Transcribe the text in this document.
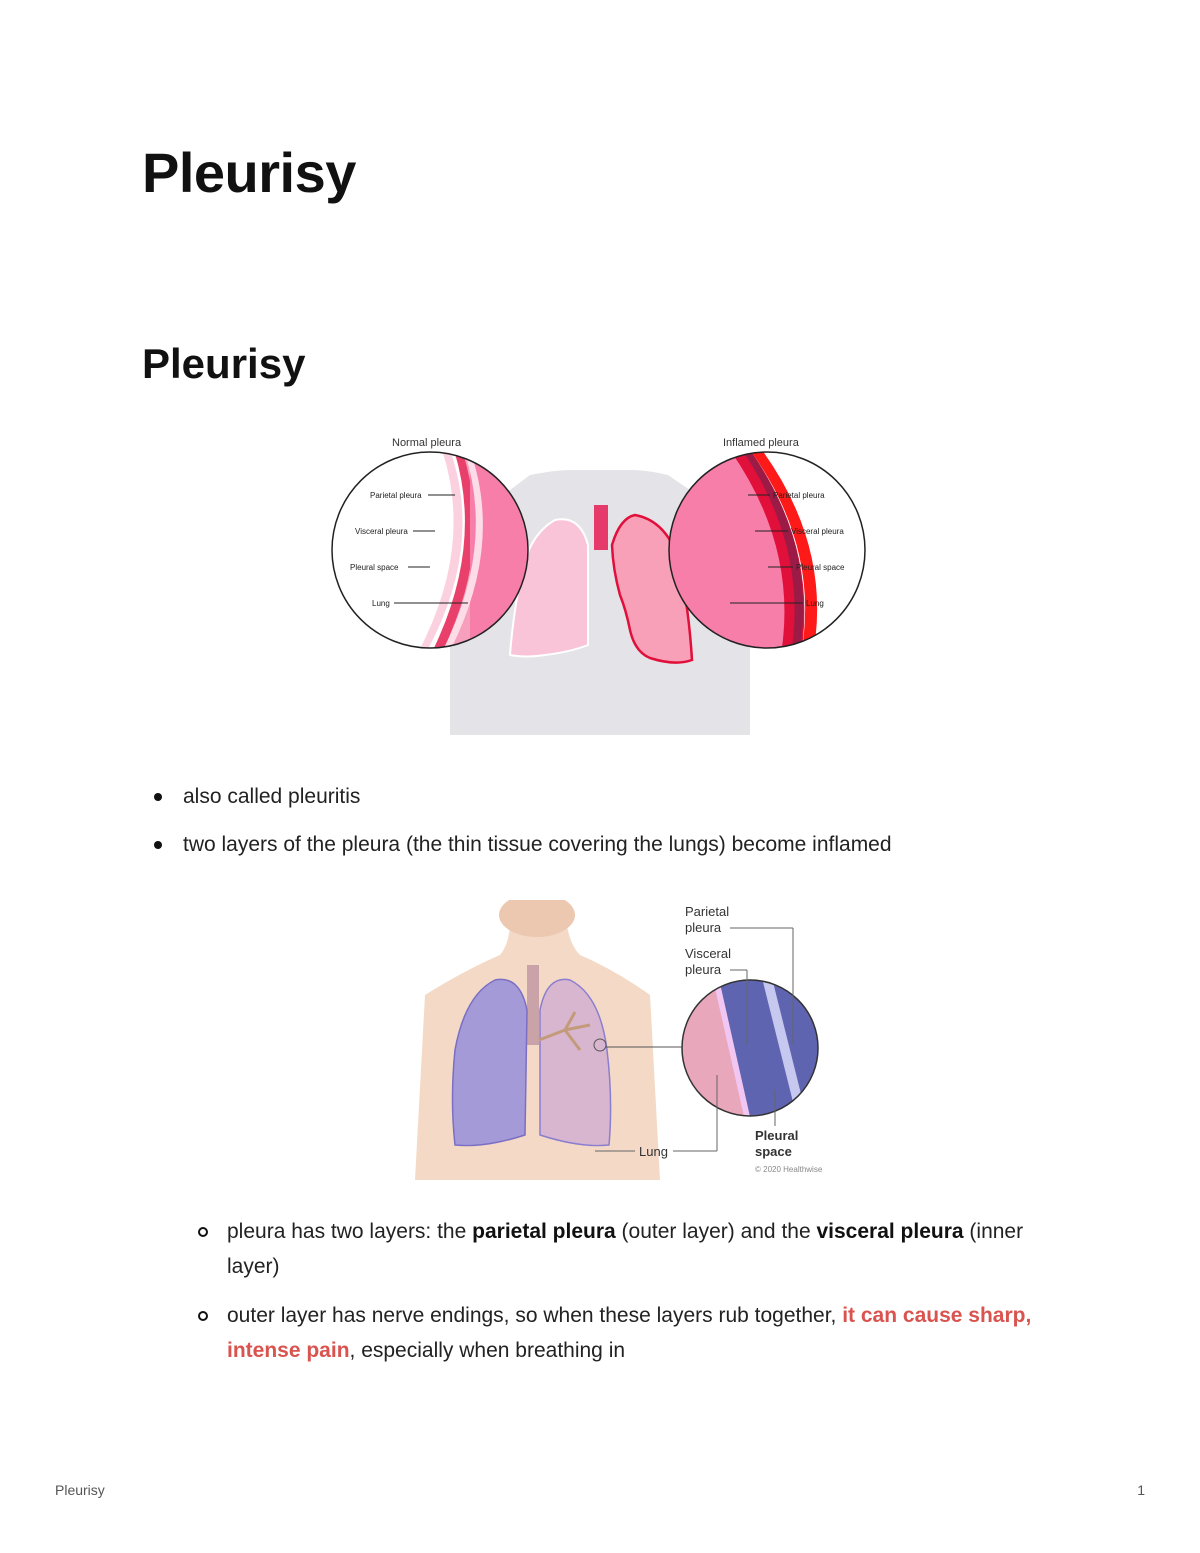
Pleurisy
Pleurisy
Normal pleura	Inflamed pleura
Parietal pleura
Visceral pleura
Pleural space
Lung
Parietal pleura
Visceral pleura
Pleural space
Lung
also called pleuritis
two layers of the pleura (the thin tissue covering the lungs) become inflamed
Parietal
pleura
Visceral
pleura
Lung
Pleural
space
© 2020 Healthwise
pleura has two layers: the parietal pleura (outer layer) and the visceral pleura (inner layer)
outer layer has nerve endings, so when these layers rub together, it can cause sharp, intense pain, especially when breathing in
Pleurisy	1
